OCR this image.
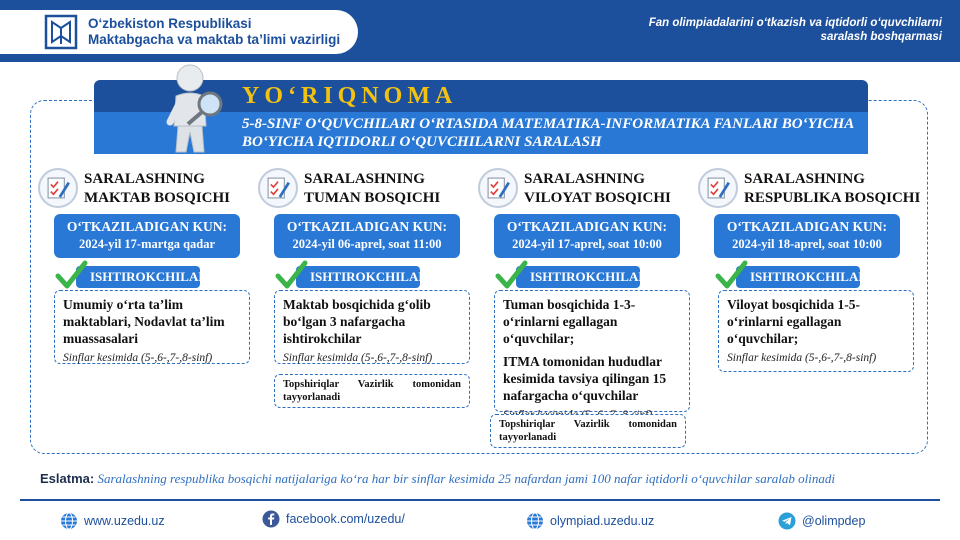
O‘zbekiston Respublikasi
Maktabgacha va maktab ta’limi vazirligi
Fan olimpiadalarini o‘tkazish va iqtidorli o‘quvchilarni
saralash boshqarmasi
YO‘RIQNOMA
5-8-SINF O‘QUVCHILARI O‘RTASIDA MATEMATIKA-INFORMATIKA FANLARI BO‘YICHA
BO‘YICHA IQTIDORLI O‘QUVCHILARNI SARALASH
SARALASHNING
MAKTAB BOSQICHI
O‘TKAZILADIGAN KUN:
2024-yil 17-martga qadar
ISHTIROKCHILAR:
Umumiy o‘rta ta’lim maktablari, Nodavlat ta’lim muassasalari
Sinflar kesimida (5-,6-,7-,8-sinf)
SARALASHNING
TUMAN BOSQICHI
O‘TKAZILADIGAN KUN:
2024-yil 06-aprel, soat 11:00
ISHTIROKCHILAR:
Maktab bosqichida g‘olib bo‘lgan 3 nafargacha ishtirokchilar
Sinflar kesimida (5-,6-,7-,8-sinf)
Topshiriqlar Vazirlik tomonidan tayyorlanadi
SARALASHNING
VILOYAT BOSQICHI
O‘TKAZILADIGAN KUN:
2024-yil 17-aprel, soat 10:00
ISHTIROKCHILAR:
Tuman bosqichida 1-3-o‘rinlarni egallagan o‘quvchilar;
ITMA tomonidan hududlar kesimida tavsiya qilingan 15 nafargacha o‘quvchilar
Topshiriqlar Vazirlik tomonidan tayyorlanadi
SARALASHNING
RESPUBLIKA BOSQICHI
O‘TKAZILADIGAN KUN:
2024-yil 18-aprel, soat 10:00
ISHTIROKCHILAR:
Viloyat bosqichida 1-5-o‘rinlarni egallagan o‘quvchilar;
Sinflar kesimida (5-,6-,7-,8-sinf)
Eslatma: Saralashning respublika bosqichi natijalariga ko‘ra har bir sinflar kesimida 25 nafardan jami 100 nafar iqtidorli o‘quvchilar saralab olinadi
www.uzedu.uz	facebook.com/uzedu/	olympiad.uzedu.uz	@olimpdep
